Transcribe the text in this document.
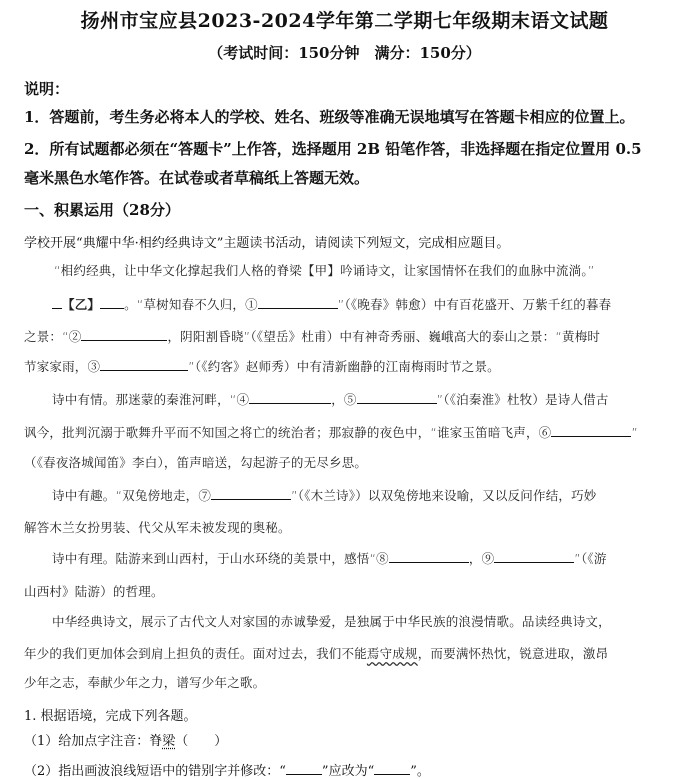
扬州市宝应县2023-2024学年第二学期七年级期末语文试题
（考试时间：150分钟　满分：150分）
说明：
1．答题前，考生务必将本人的学校、姓名、班级等准确无误地填写在答题卡相应的位置上。
2．所有试题都必须在“答题卡”上作答，选择题用 2B 铅笔作答，非选择题在指定位置用 0.5
毫米黑色水笔作答。在试卷或者草稿纸上答题无效。
一、积累运用（28分）
学校开展“典耀中华·相约经典诗文”主题读书活动，请阅读下列短文，完成相应题目。
“相约经典，让中华文化撑起我们人格的脊梁【甲】吟诵诗文，让家国情怀在我们的血脉中流淌。”
【乙】 。“草树知春不久归，①	”（《晚春》韩愈）中有百花盛开、万紫千红的暮春
之景：“②	，阴阳割昏晓”（《望岳》杜甫）中有神奇秀丽、巍峨高大的泰山之景：“黄梅时
节家家雨，③	”（《约客》赵师秀）中有清新幽静的江南梅雨时节之景。
诗中有情。那迷蒙的秦淮河畔，“④	，⑤	”（《泊秦淮》杜牧）是诗人借古
讽今，批判沉溺于歌舞升平而不知国之将亡的统治者；那寂静的夜色中，“谁家玉笛暗飞声，⑥	”
（《春夜洛城闻笛》李白），笛声暗送，勾起游子的无尽乡思。
诗中有趣。“双兔傍地走，⑦	”（《木兰诗》）以双兔傍地来设喻，又以反问作结，巧妙
解答木兰女扮男装、代父从军未被发现的奥秘。
诗中有理。陆游来到山西村，于山水环绕的美景中，感悟“⑧	，⑨	”（《游
山西村》陆游）的哲理。
中华经典诗文，展示了古代文人对家国的赤诚挚爱，是独属于中华民族的浪漫情歌。品读经典诗文，
年少的我们更加体会到肩上担负的责任。面对过去，我们不能焉守成规，而要满怀热忱，锐意进取，激昂
少年之志，奉献少年之力，谱写少年之歌。
1. 根据语境，完成下列各题。
（1）给加点字注音：脊梁（　　）
（2）指出画波浪线短语中的错别字并修改：“	”应改为“	”。
